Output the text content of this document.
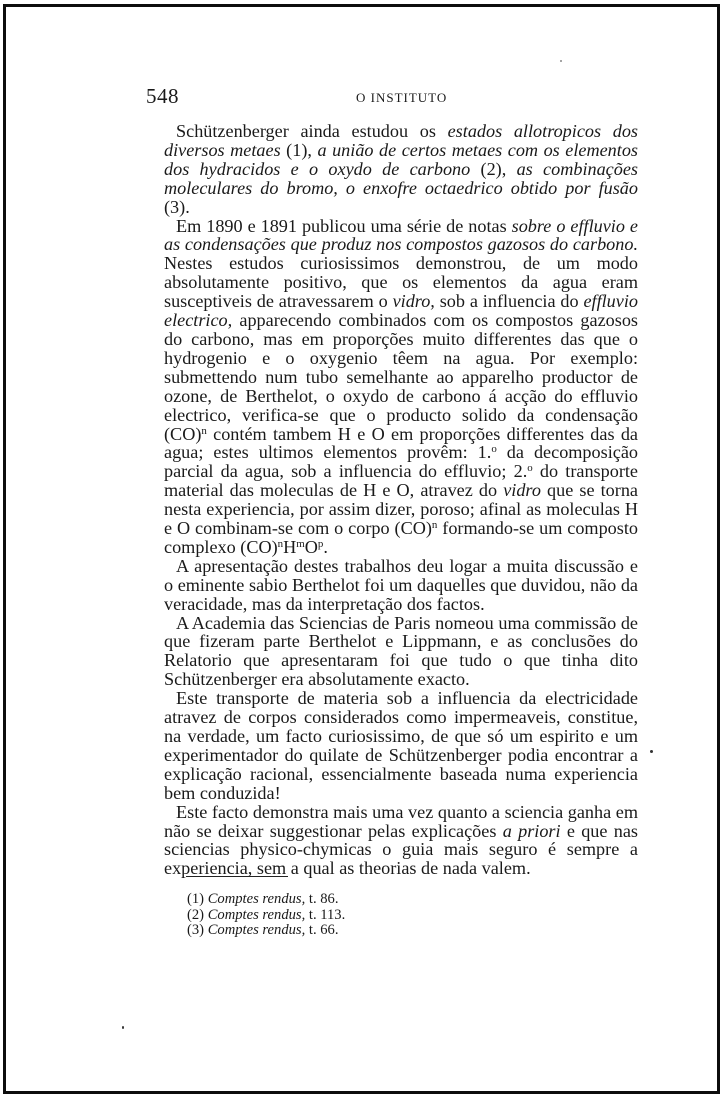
548	O INSTITUTO

Schützenberger ainda estudou os estados allotropicos dos diversos metaes (1), a união de certos metaes com os elementos dos hydracidos e o oxydo de carbono (2), as combinações moleculares do bromo, o enxofre octaedrico obtido por fusão (3).

Em 1890 e 1891 publicou uma série de notas sobre o effluvio e as condensações que produz nos compostos gazosos do carbono. Nestes estudos curiosissimos demonstrou, de um modo absolutamente positivo, que os elementos da agua eram susceptiveis de atravessarem o vidro, sob a influencia do effluvio electrico, apparecendo combinados com os compostos gazosos do carbono, mas em proporções muito differentes das que o hydrogenio e o oxygenio têem na agua. Por exemplo: submettendo num tubo semelhante ao apparelho productor de ozone, de Berthelot, o oxydo de carbono á acção do effluvio electrico, verifica-se que o producto solido da condensação (CO)$^n$ contém tambem H e O em proporções differentes das da agua; estes ultimos elementos provêm: 1.$^o$ da decomposição parcial da agua, sob a influencia do effluvio; 2.$^o$ do transporte material das moleculas de H e O, atravez do vidro que se torna nesta experiencia, por assim dizer, poroso; afinal as moleculas H e O combinam-se com o corpo (CO)$^n$ formando-se um composto complexo $(CO)^nH^mO^p$.

A apresentação destes trabalhos deu logar a muita discussão e o eminente sabio Berthelot foi um daquelles que duvidou, não da veracidade, mas da interpretação dos factos.

A Academia das Sciencias de Paris nomeou uma commissão de que fizeram parte Berthelot e Lippmann, e as conclusões do Relatorio que apresentaram foi que tudo o que tinha dito Schützenberger era absolutamente exacto.

Este transporte de materia sob a influencia da electricidade atravez de corpos considerados como impermeaveis, constitue, na verdade, um facto curiosissimo, de que só um espirito e um experimentador do quilate de Schützenberger podia encontrar a explicação racional, essencialmente baseada numa experiencia bem conduzida!

Este facto demonstra mais uma vez quanto a sciencia ganha em não se deixar suggestionar pelas explicações a priori e que nas sciencias physico-chymicas o guia mais seguro é sempre a experiencia, sem a qual as theorias de nada valem.

(1) Comptes rendus, t. 86.
(2) Comptes rendus, t. 113.
(3) Comptes rendus, t. 66.
